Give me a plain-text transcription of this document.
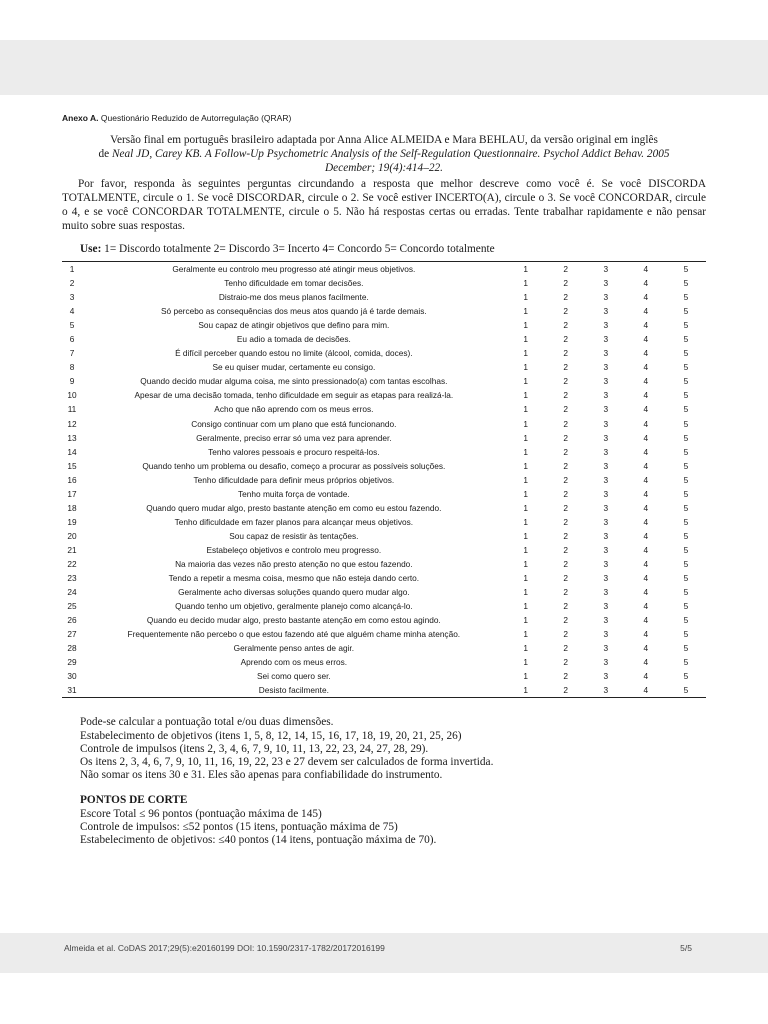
Anexo A. Questionário Reduzido de Autorregulação (QRAR)

Versão final em português brasileiro adaptada por Anna Alice ALMEIDA e Mara BEHLAU, da versão original em inglês

de Neal JD, Carey KB. A Follow-Up Psychometric Analysis of the Self-Regulation Questionnaire. Psychol Addict Behav. 2005

December; 19(4):414–22.

Por favor, responda às seguintes perguntas circundando a resposta que melhor descreve como você é. Se você DISCORDA TOTALMENTE, circule o 1. Se você DISCORDAR, circule o 2. Se você estiver INCERTO(A), circule o 3. Se você CONCORDAR, circule o 4, e se você CONCORDAR TOTALMENTE, circule o 5. Não há respostas certas ou erradas. Tente trabalhar rapidamente e não pensar muito sobre suas respostas.

Use: 1= Discordo totalmente 2= Discordo 3= Incerto 4= Concordo 5= Concordo totalmente

1	Geralmente eu controlo meu progresso até atingir meus objetivos.	1	2	3	4	5
2	Tenho dificuldade em tomar decisões.	1	2	3	4	5
3	Distraio-me dos meus planos facilmente.	1	2	3	4	5
4	Só percebo as consequências dos meus atos quando já é tarde demais.	1	2	3	4	5
5	Sou capaz de atingir objetivos que defino para mim.	1	2	3	4	5
6	Eu adio a tomada de decisões.	1	2	3	4	5
7	É difícil perceber quando estou no limite (álcool, comida, doces).	1	2	3	4	5
8	Se eu quiser mudar, certamente eu consigo.	1	2	3	4	5
9	Quando decido mudar alguma coisa, me sinto pressionado(a) com tantas escolhas.	1	2	3	4	5
10	Apesar de uma decisão tomada, tenho dificuldade em seguir as etapas para realizá-la.	1	2	3	4	5
11	Acho que não aprendo com os meus erros.	1	2	3	4	5
12	Consigo continuar com um plano que está funcionando.	1	2	3	4	5
13	Geralmente, preciso errar só uma vez para aprender.	1	2	3	4	5
14	Tenho valores pessoais e procuro respeitá-los.	1	2	3	4	5
15	Quando tenho um problema ou desafio, começo a procurar as possíveis soluções.	1	2	3	4	5
16	Tenho dificuldade para definir meus próprios objetivos.	1	2	3	4	5
17	Tenho muita força de vontade.	1	2	3	4	5
18	Quando quero mudar algo, presto bastante atenção em como eu estou fazendo.	1	2	3	4	5
19	Tenho dificuldade em fazer planos para alcançar meus objetivos.	1	2	3	4	5
20	Sou capaz de resistir às tentações.	1	2	3	4	5
21	Estabeleço objetivos e controlo meu progresso.	1	2	3	4	5
22	Na maioria das vezes não presto atenção no que estou fazendo.	1	2	3	4	5
23	Tendo a repetir a mesma coisa, mesmo que não esteja dando certo.	1	2	3	4	5
24	Geralmente acho diversas soluções quando quero mudar algo.	1	2	3	4	5
25	Quando tenho um objetivo, geralmente planejo como alcançá-lo.	1	2	3	4	5
26	Quando eu decido mudar algo, presto bastante atenção em como estou agindo.	1	2	3	4	5
27	Frequentemente não percebo o que estou fazendo até que alguém chame minha atenção.	1	2	3	4	5
28	Geralmente penso antes de agir.	1	2	3	4	5
29	Aprendo com os meus erros.	1	2	3	4	5
30	Sei como quero ser.	1	2	3	4	5
31	Desisto facilmente.	1	2	3	4	5

Pode-se calcular a pontuação total e/ou duas dimensões.

Estabelecimento de objetivos (itens 1, 5, 8, 12, 14, 15, 16, 17, 18, 19, 20, 21, 25, 26)

Controle de impulsos (itens 2, 3, 4, 6, 7, 9, 10, 11, 13, 22, 23, 24, 27, 28, 29).

Os itens 2, 3, 4, 6, 7, 9, 10, 11, 16, 19, 22, 23 e 27 devem ser calculados de forma invertida.

Não somar os itens 30 e 31. Eles são apenas para confiabilidade do instrumento.

PONTOS DE CORTE

Escore Total ≤ 96 pontos (pontuação máxima de 145)

Controle de impulsos: ≤52 pontos (15 itens, pontuação máxima de 75)

Estabelecimento de objetivos: ≤40 pontos (14 itens, pontuação máxima de 70).

Almeida et al. CoDAS 2017;29(5):e20160199 DOI: 10.1590/2317-1782/20172016199	5/5
